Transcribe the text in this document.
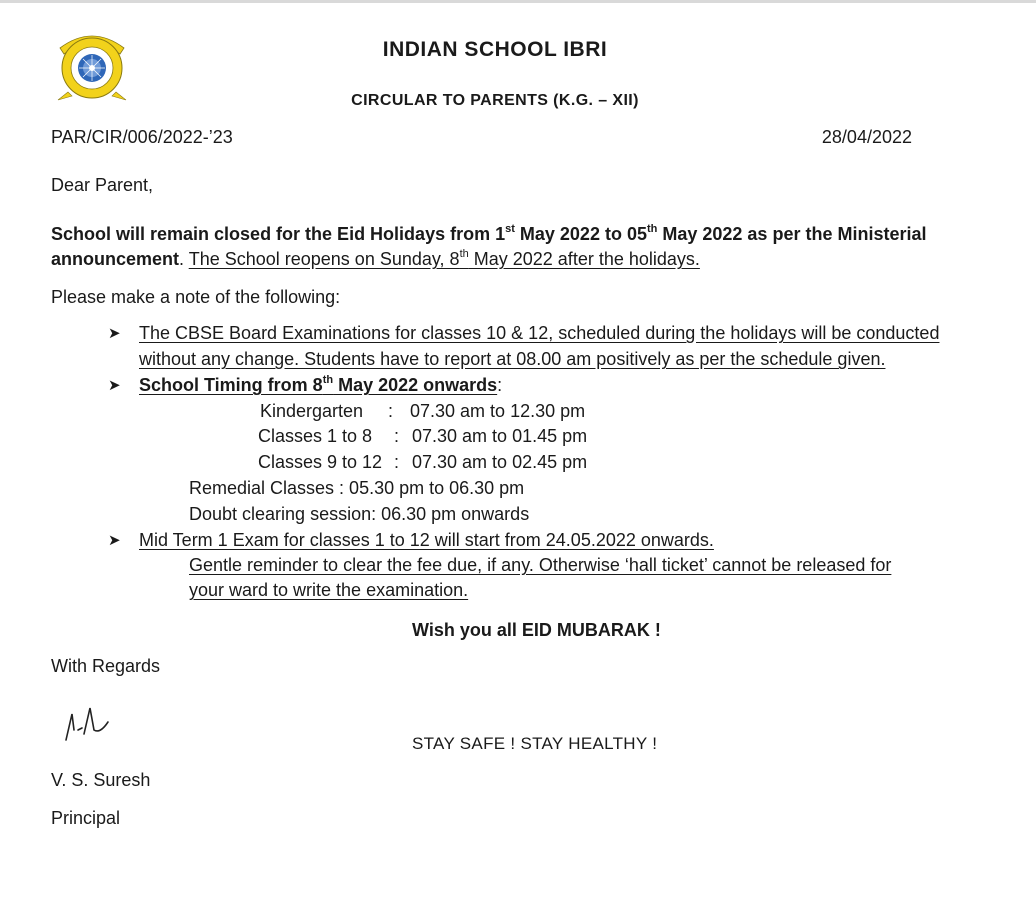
INDIAN SCHOOL IBRI
CIRCULAR TO PARENTS (K.G. – XII)
PAR/CIR/006/2022-’23	28/04/2022
Dear Parent,
School will remain closed for the Eid Holidays from 1st May 2022 to 05th May 2022 as per the Ministerial
announcement. The School reopens on Sunday, 8th May 2022 after the holidays.
Please make a note of the following:
➤ The CBSE Board Examinations for classes 10 & 12, scheduled during the holidays will be conducted
without any change. Students have to report at 08.00 am positively as per the schedule given.
➤ School Timing from 8th May 2022 onwards:
Kindergarten : 07.30 am to 12.30 pm
Classes 1 to 8 : 07.30 am to 01.45 pm
Classes 9 to 12 : 07.30 am to 02.45 pm
Remedial Classes : 05.30 pm to 06.30 pm
Doubt clearing session: 06.30 pm onwards
➤ Mid Term 1 Exam for classes 1 to 12 will start from 24.05.2022 onwards.
Gentle reminder to clear the fee due, if any. Otherwise ‘hall ticket’ cannot be released for
your ward to write the examination.
Wish you all EID MUBARAK !
With Regards
STAY SAFE ! STAY HEALTHY !
V. S. Suresh
Principal
